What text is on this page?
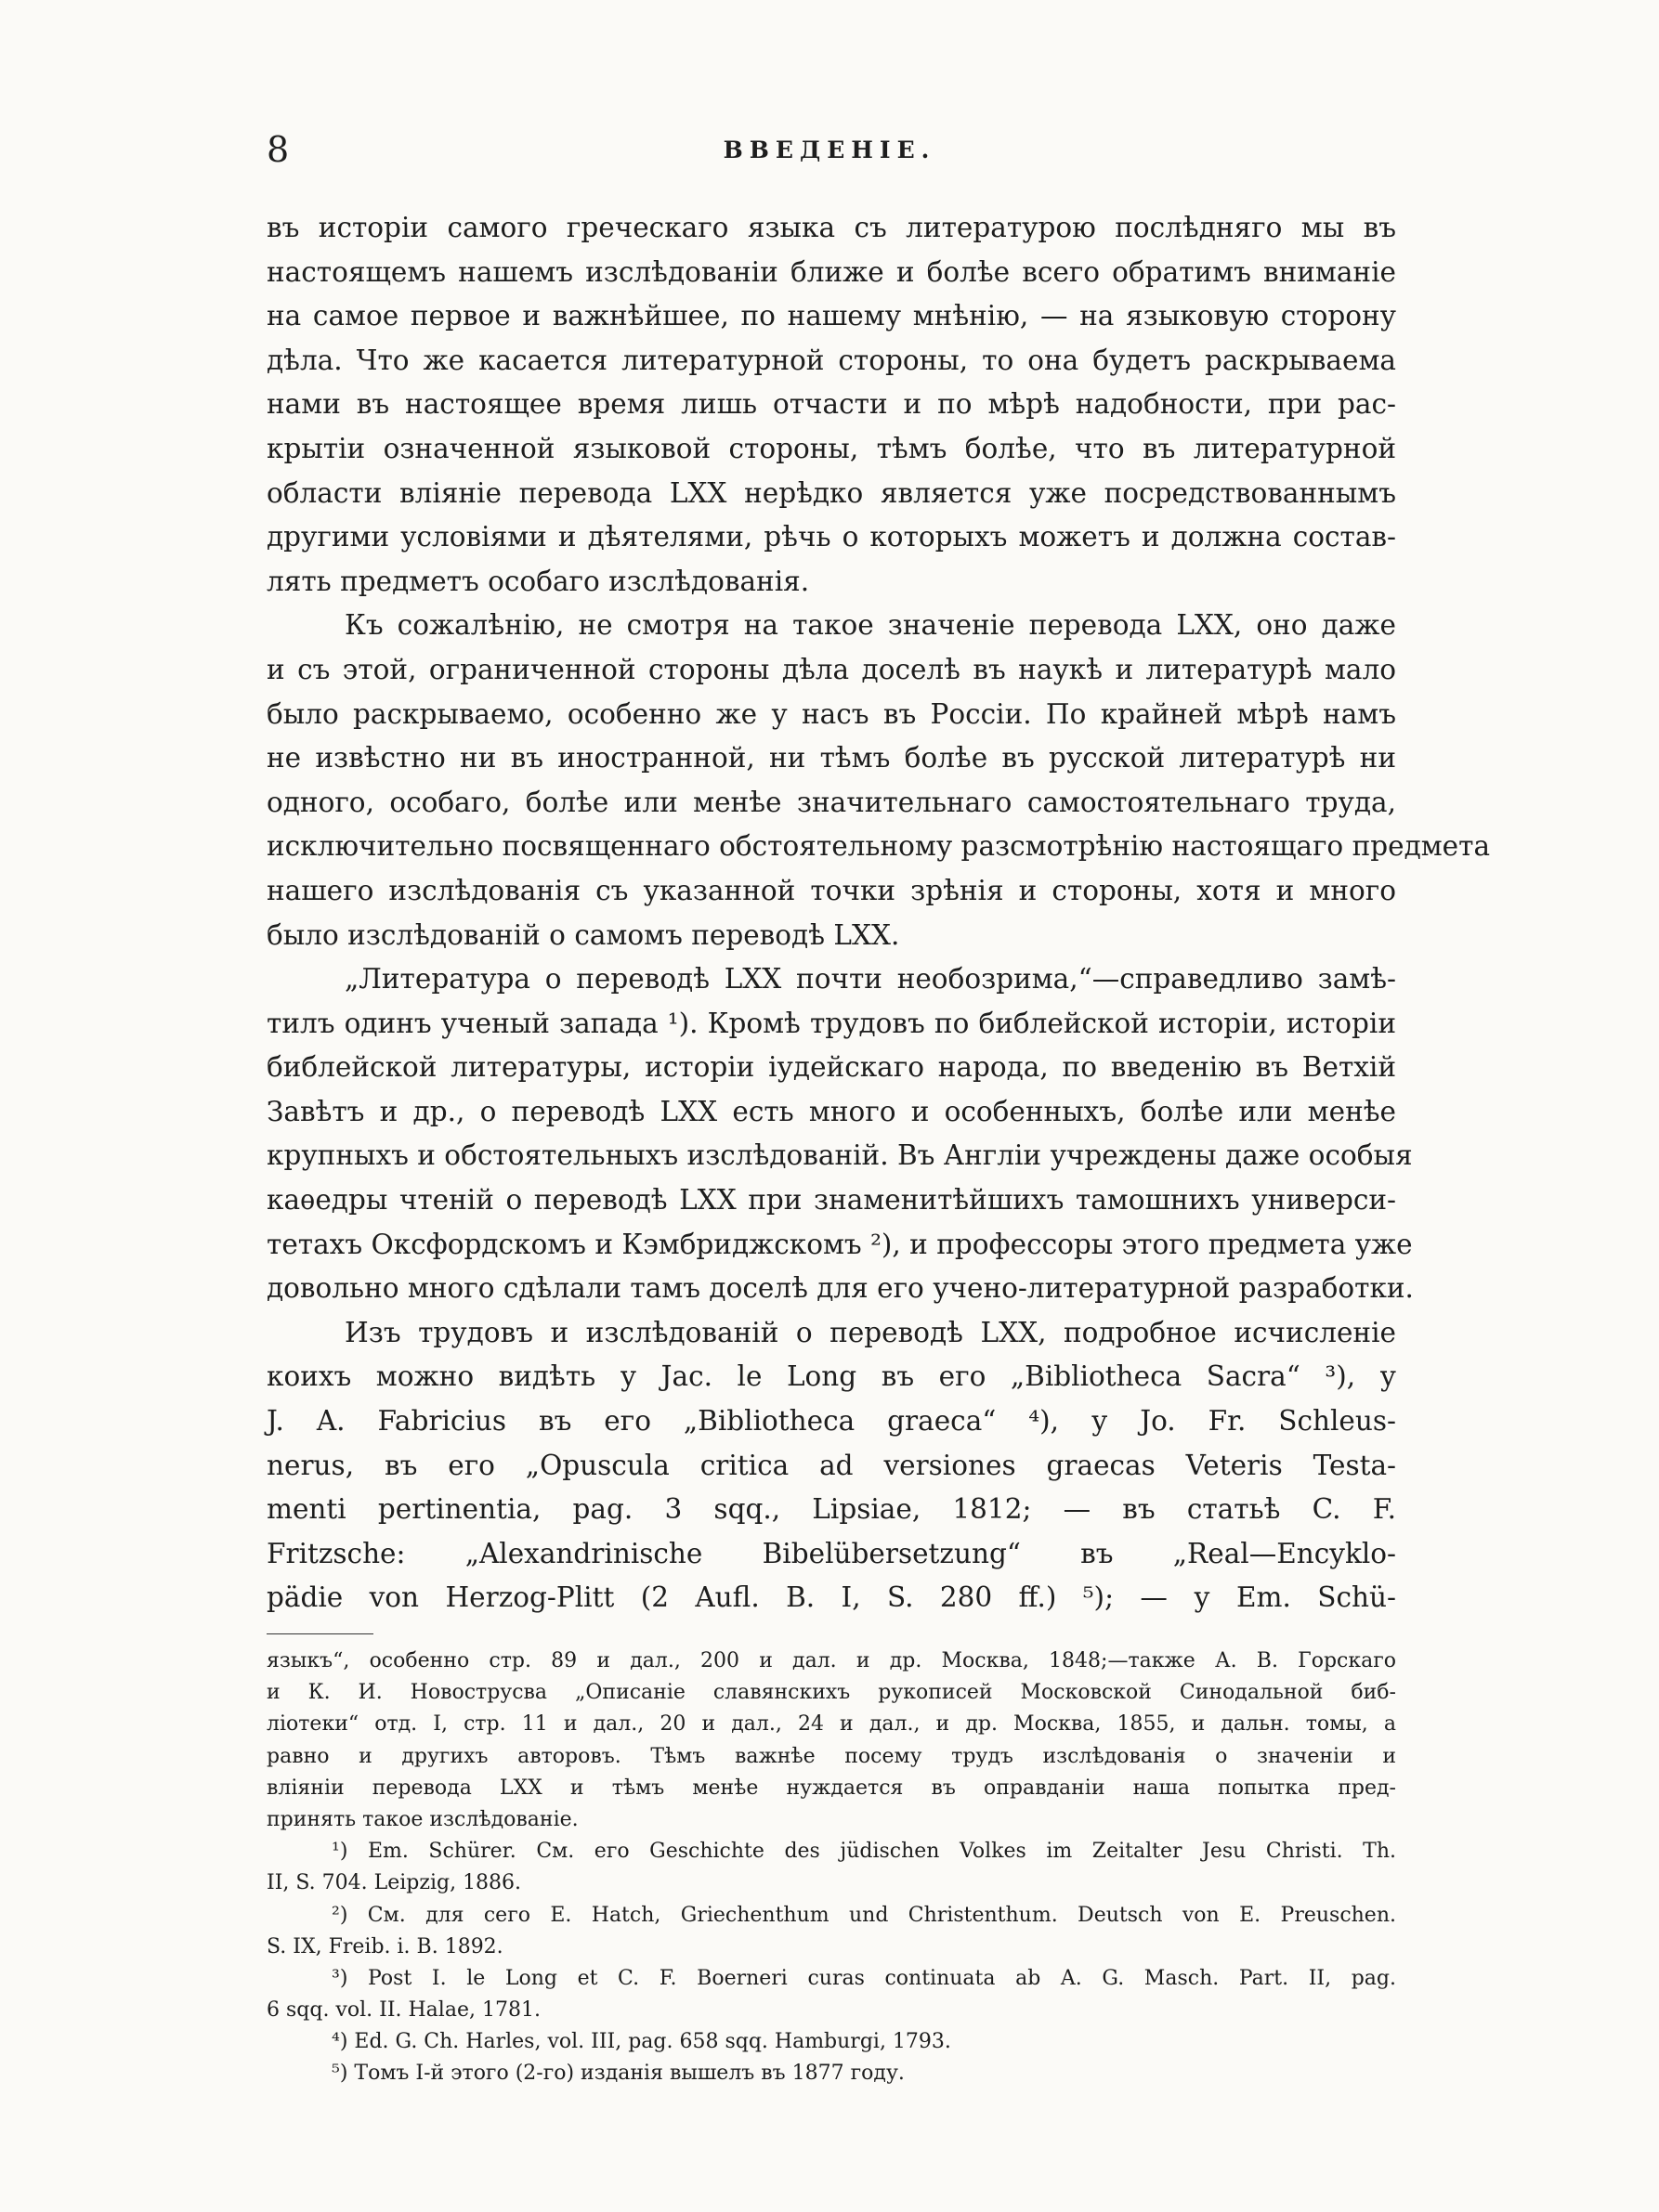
8	ВВЕДЕНІЕ.
въ исторіи самого греческаго языка съ литературою послѣдняго мы въ
настоящемъ нашемъ изслѣдованіи ближе и болѣе всего обратимъ вниманіе
на самое первое и важнѣйшее, по нашему мнѣнію, — на языковую сторону
дѣла. Что же касается литературной стороны, то она будетъ раскрываема
нами въ настоящее время лишь отчасти и по мѣрѣ надобности, при рас-
крытіи означенной языковой стороны, тѣмъ болѣе, что въ литературной
области вліяніе перевода LXX нерѣдко является уже посредствованнымъ
другими условіями и дѣятелями, рѣчь о которыхъ можетъ и должна состав-
лять предметъ особаго изслѣдованія.
Къ сожалѣнію, не смотря на такое значеніе перевода LXX, оно даже
и съ этой, ограниченной стороны дѣла доселѣ въ наукѣ и литературѣ мало
было раскрываемо, особенно же у насъ въ Россіи. По крайней мѣрѣ намъ
не извѣстно ни въ иностранной, ни тѣмъ болѣе въ русской литературѣ ни
одного, особаго, болѣе или менѣе значительнаго самостоятельнаго труда,
исключительно посвященнаго обстоятельному разсмотрѣнію настоящаго предмета
нашего изслѣдованія съ указанной точки зрѣнія и стороны, хотя и много
было изслѣдованій о самомъ переводѣ LXX.
„Литература о переводѣ LXX почти необозрима,“—справедливо замѣ-
тилъ одинъ ученый запада ¹). Кромѣ трудовъ по библейской исторіи, исторіи
библейской литературы, исторіи іудейскаго народа, по введенію въ Ветхій
Завѣтъ и др., о переводѣ LXX есть много и особенныхъ, болѣе или менѣе
крупныхъ и обстоятельныхъ изслѣдованій. Въ Англіи учреждены даже особыя
каѳедры чтеній о переводѣ LXX при знаменитѣйшихъ тамошнихъ универси-
тетахъ Оксфордскомъ и Кэмбриджскомъ ²), и профессоры этого предмета уже
довольно много сдѣлали тамъ доселѣ для его учено-литературной разработки.
Изъ трудовъ и изслѣдованій о переводѣ LXX, подробное исчисленіе
коихъ можно видѣть у Jac. le Long въ его „Bibliotheca Sacra“ ³), у
J. A. Fabricius въ его „Bibliotheca graeca“ ⁴), у Jo. Fr. Schleus-
nerus, въ его „Opuscula critica ad versiones graecas Veteris Testa-
menti pertinentia, pag. 3 sqq., Lipsiae, 1812; — въ статьѣ C. F.
Fritzsche: „Alexandrinische Bibelübersetzung“ въ „Real—Encyklo-
pädie von Herzog-Plitt (2 Aufl. B. I, S. 280 ff.) ⁵); — у Em. Schü-
языкъ“, особенно стр. 89 и дал., 200 и дал. и др. Москва, 1848;—также А. В. Горскаго
и К. И. Новострусва „Описаніе славянскихъ рукописей Московской Синодальной биб-
ліотеки“ отд. I, стр. 11 и дал., 20 и дал., 24 и дал., и др. Москва, 1855, и дальн. томы, а
равно и другихъ авторовъ. Тѣмъ важнѣе посему трудъ изслѣдованія о значеніи и
вліяніи перевода LXX и тѣмъ менѣе нуждается въ оправданіи наша попытка пред-
принять такое изслѣдованіе.
¹) Em. Schürer. См. его Geschichte des jüdischen Volkes im Zeitalter Jesu Christi. Th.
II, S. 704. Leipzig, 1886.
²) См. для сего E. Hatch, Griechenthum und Christenthum. Deutsch von E. Preuschen.
S. IX, Freib. i. B. 1892.
³) Post I. le Long et C. F. Boerneri curas continuata ab A. G. Masch. Part. II, pag.
6 sqq. vol. II. Halae, 1781.
⁴) Ed. G. Ch. Harles, vol. III, pag. 658 sqq. Hamburgi, 1793.
⁵) Томъ I-й этого (2-го) изданія вышелъ въ 1877 году.
